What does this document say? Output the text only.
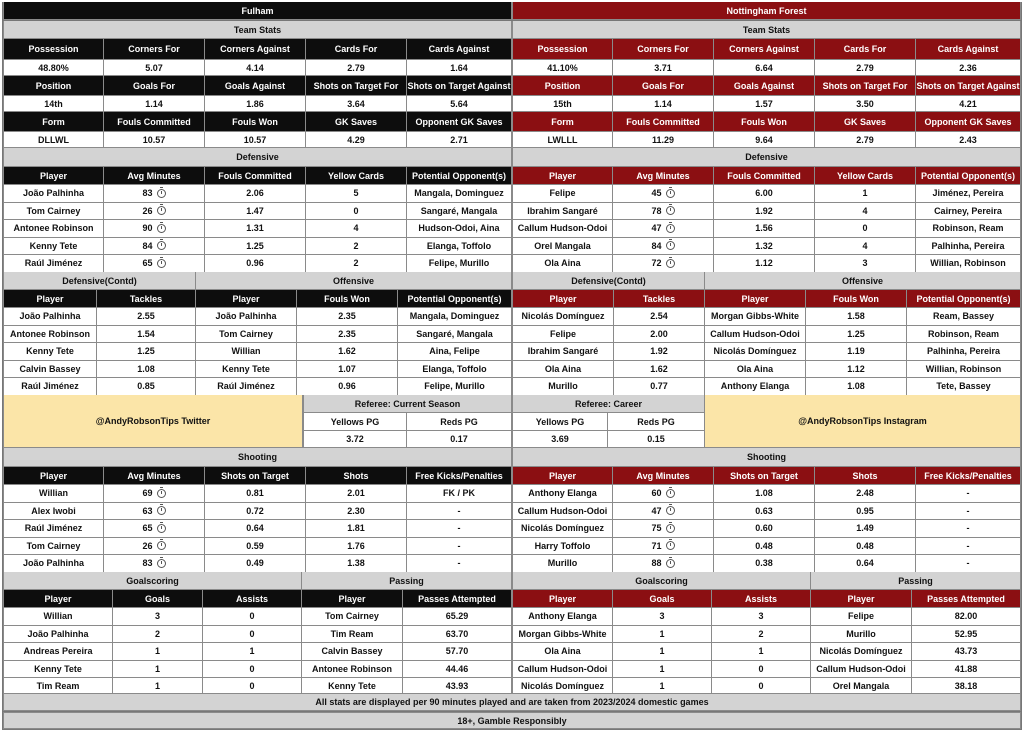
Fulham
Team Stats
Possession	Corners For	Corners Against	Cards For	Cards Against
48.80%	5.07	4.14	2.79	1.64
Position	Goals For	Goals Against	Shots on Target For	Shots on Target Against
14th	1.14	1.86	3.64	5.64
Form	Fouls Committed	Fouls Won	GK Saves	Opponent GK Saves
DLLWL	10.57	10.57	4.29	2.71
Defensive
Player	Avg Minutes	Fouls Committed	Yellow Cards	Potential Opponent(s)
João Palhinha	83	2.06	5	Mangala, Dominguez
Tom Cairney	26	1.47	0	Sangaré, Mangala
Antonee Robinson	90	1.31	4	Hudson-Odoi, Aina
Kenny Tete	84	1.25	2	Elanga, Toffolo
Raúl Jiménez	65	0.96	2	Felipe, Murillo
Defensive(Contd)	Offensive
Player	Tackles	Player	Fouls Won	Potential Opponent(s)
João Palhinha	2.55	João Palhinha	2.35	Mangala, Dominguez
Antonee Robinson	1.54	Tom Cairney	2.35	Sangaré, Mangala
Kenny Tete	1.25	Willian	1.62	Aina, Felipe
Calvin Bassey	1.08	Kenny Tete	1.07	Elanga, Toffolo
Raúl Jiménez	0.85	Raúl Jiménez	0.96	Felipe, Murillo
@AndyRobsonTips Twitter
Referee: Current Season
Yellows PG	Reds PG
3.72	0.17
Shooting
Player	Avg Minutes	Shots on Target	Shots	Free Kicks/Penalties
Willian	69	0.81	2.01	FK / PK
Alex Iwobi	63	0.72	2.30	-
Raúl Jiménez	65	0.64	1.81	-
Tom Cairney	26	0.59	1.76	-
João Palhinha	83	0.49	1.38	-
Goalscoring	Passing
Player	Goals	Assists	Player	Passes Attempted
Willian	3	0	Tom Cairney	65.29
João Palhinha	2	0	Tim Ream	63.70
Andreas Pereira	1	1	Calvin Bassey	57.70
Kenny Tete	1	0	Antonee Robinson	44.46
Tim Ream	1	0	Kenny Tete	43.93
Nottingham Forest
Team Stats
Possession	Corners For	Corners Against	Cards For	Cards Against
41.10%	3.71	6.64	2.79	2.36
Position	Goals For	Goals Against	Shots on Target For	Shots on Target Against
15th	1.14	1.57	3.50	4.21
Form	Fouls Committed	Fouls Won	GK Saves	Opponent GK Saves
LWLLL	11.29	9.64	2.79	2.43
Defensive
Player	Avg Minutes	Fouls Committed	Yellow Cards	Potential Opponent(s)
Felipe	45	6.00	1	Jiménez, Pereira
Ibrahim Sangaré	78	1.92	4	Cairney, Pereira
Callum Hudson-Odoi	47	1.56	0	Robinson, Ream
Orel Mangala	84	1.32	4	Palhinha, Pereira
Ola Aina	72	1.12	3	Willian, Robinson
Defensive(Contd)	Offensive
Player	Tackles	Player	Fouls Won	Potential Opponent(s)
Nicolás Domínguez	2.54	Morgan Gibbs-White	1.58	Ream, Bassey
Felipe	2.00	Callum Hudson-Odoi	1.25	Robinson, Ream
Ibrahim Sangaré	1.92	Nicolás Domínguez	1.19	Palhinha, Pereira
Ola Aina	1.62	Ola Aina	1.12	Willian, Robinson
Murillo	0.77	Anthony Elanga	1.08	Tete, Bassey
Referee: Career
Yellows PG	Reds PG
3.69	0.15
@AndyRobsonTips Instagram
Shooting
Player	Avg Minutes	Shots on Target	Shots	Free Kicks/Penalties
Anthony Elanga	60	1.08	2.48	-
Callum Hudson-Odoi	47	0.63	0.95	-
Nicolás Domínguez	75	0.60	1.49	-
Harry Toffolo	71	0.48	0.48	-
Murillo	88	0.38	0.64	-
Goalscoring	Passing
Player	Goals	Assists	Player	Passes Attempted
Anthony Elanga	3	3	Felipe	82.00
Morgan Gibbs-White	1	2	Murillo	52.95
Ola Aina	1	1	Nicolás Domínguez	43.73
Callum Hudson-Odoi	1	0	Callum Hudson-Odoi	41.88
Nicolás Domínguez	1	0	Orel Mangala	38.18
All stats are displayed per 90 minutes played and are taken from 2023/2024 domestic games
18+, Gamble Responsibly
